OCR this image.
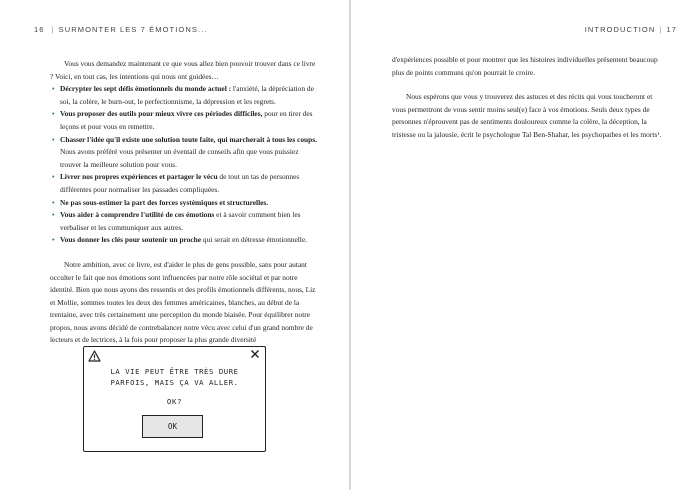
16 | SURMONTER LES 7 ÉMOTIONS...	INTRODUCTION | 17

Vous vous demandez maintenant ce que vous allez bien pouvoir trouver dans ce livre ? Voici, en tout cas, les intentions qui nous ont guidées…

• Décrypter les sept défis émotionnels du monde actuel : l'anxiété, la dépréciation de soi, la colère, le burn-out, le perfectionnisme, la dépression et les regrets.
• Vous proposer des outils pour mieux vivre ces périodes difficiles, pour en tirer des leçons et pour vous en remettre.
• Chasser l'idée qu'il existe une solution toute faite, qui marcherait à tous les coups. Nous avons préféré vous présenter un éventail de conseils afin que vous puissiez trouver la meilleure solution pour vous.
• Livrer nos propres expériences et partager le vécu de tout un tas de personnes différentes pour normaliser les passades compliquées.
• Ne pas sous-estimer la part des forces systémiques et structurelles.
• Vous aider à comprendre l'utilité de ces émotions et à savoir comment bien les verbaliser et les communiquer aux autres.
• Vous donner les clés pour soutenir un proche qui serait en détresse émotionnelle.

Notre ambition, avec ce livre, est d'aider le plus de gens possible, sans pour autant occulter le fait que nos émotions sont influencées par notre rôle sociétal et par notre identité. Bien que nous ayons des ressentis et des profils émotionnels différents, nous, Liz et Mollie, sommes toutes les deux des femmes américaines, blanches, au début de la trentaine, avec très certainement une perception du monde biaisée. Pour équilibrer notre propos, nous avons décidé de contrebalancer notre vécu avec celui d'un grand nombre de lecteurs et de lectrices, à la fois pour proposer la plus grande diversité

LA VIE PEUT ÊTRE TRÈS DURE
PARFOIS, MAIS ÇA VA ALLER.
OK?
OK

d'expériences possible et pour montrer que les histoires individuelles présentent beaucoup plus de points communs qu'on pourrait le croire.

Nous espérons que vous y trouverez des astuces et des récits qui vous toucheront et vous permettront de vous sentir moins seul(e) face à vos émotions. Seuls deux types de personnes n'éprouvent pas de sentiments douloureux comme la colère, la déception, la tristesse ou la jalousie, écrit le psychologue Tal Ben-Shahar, les psychopathes et les morts¹.
